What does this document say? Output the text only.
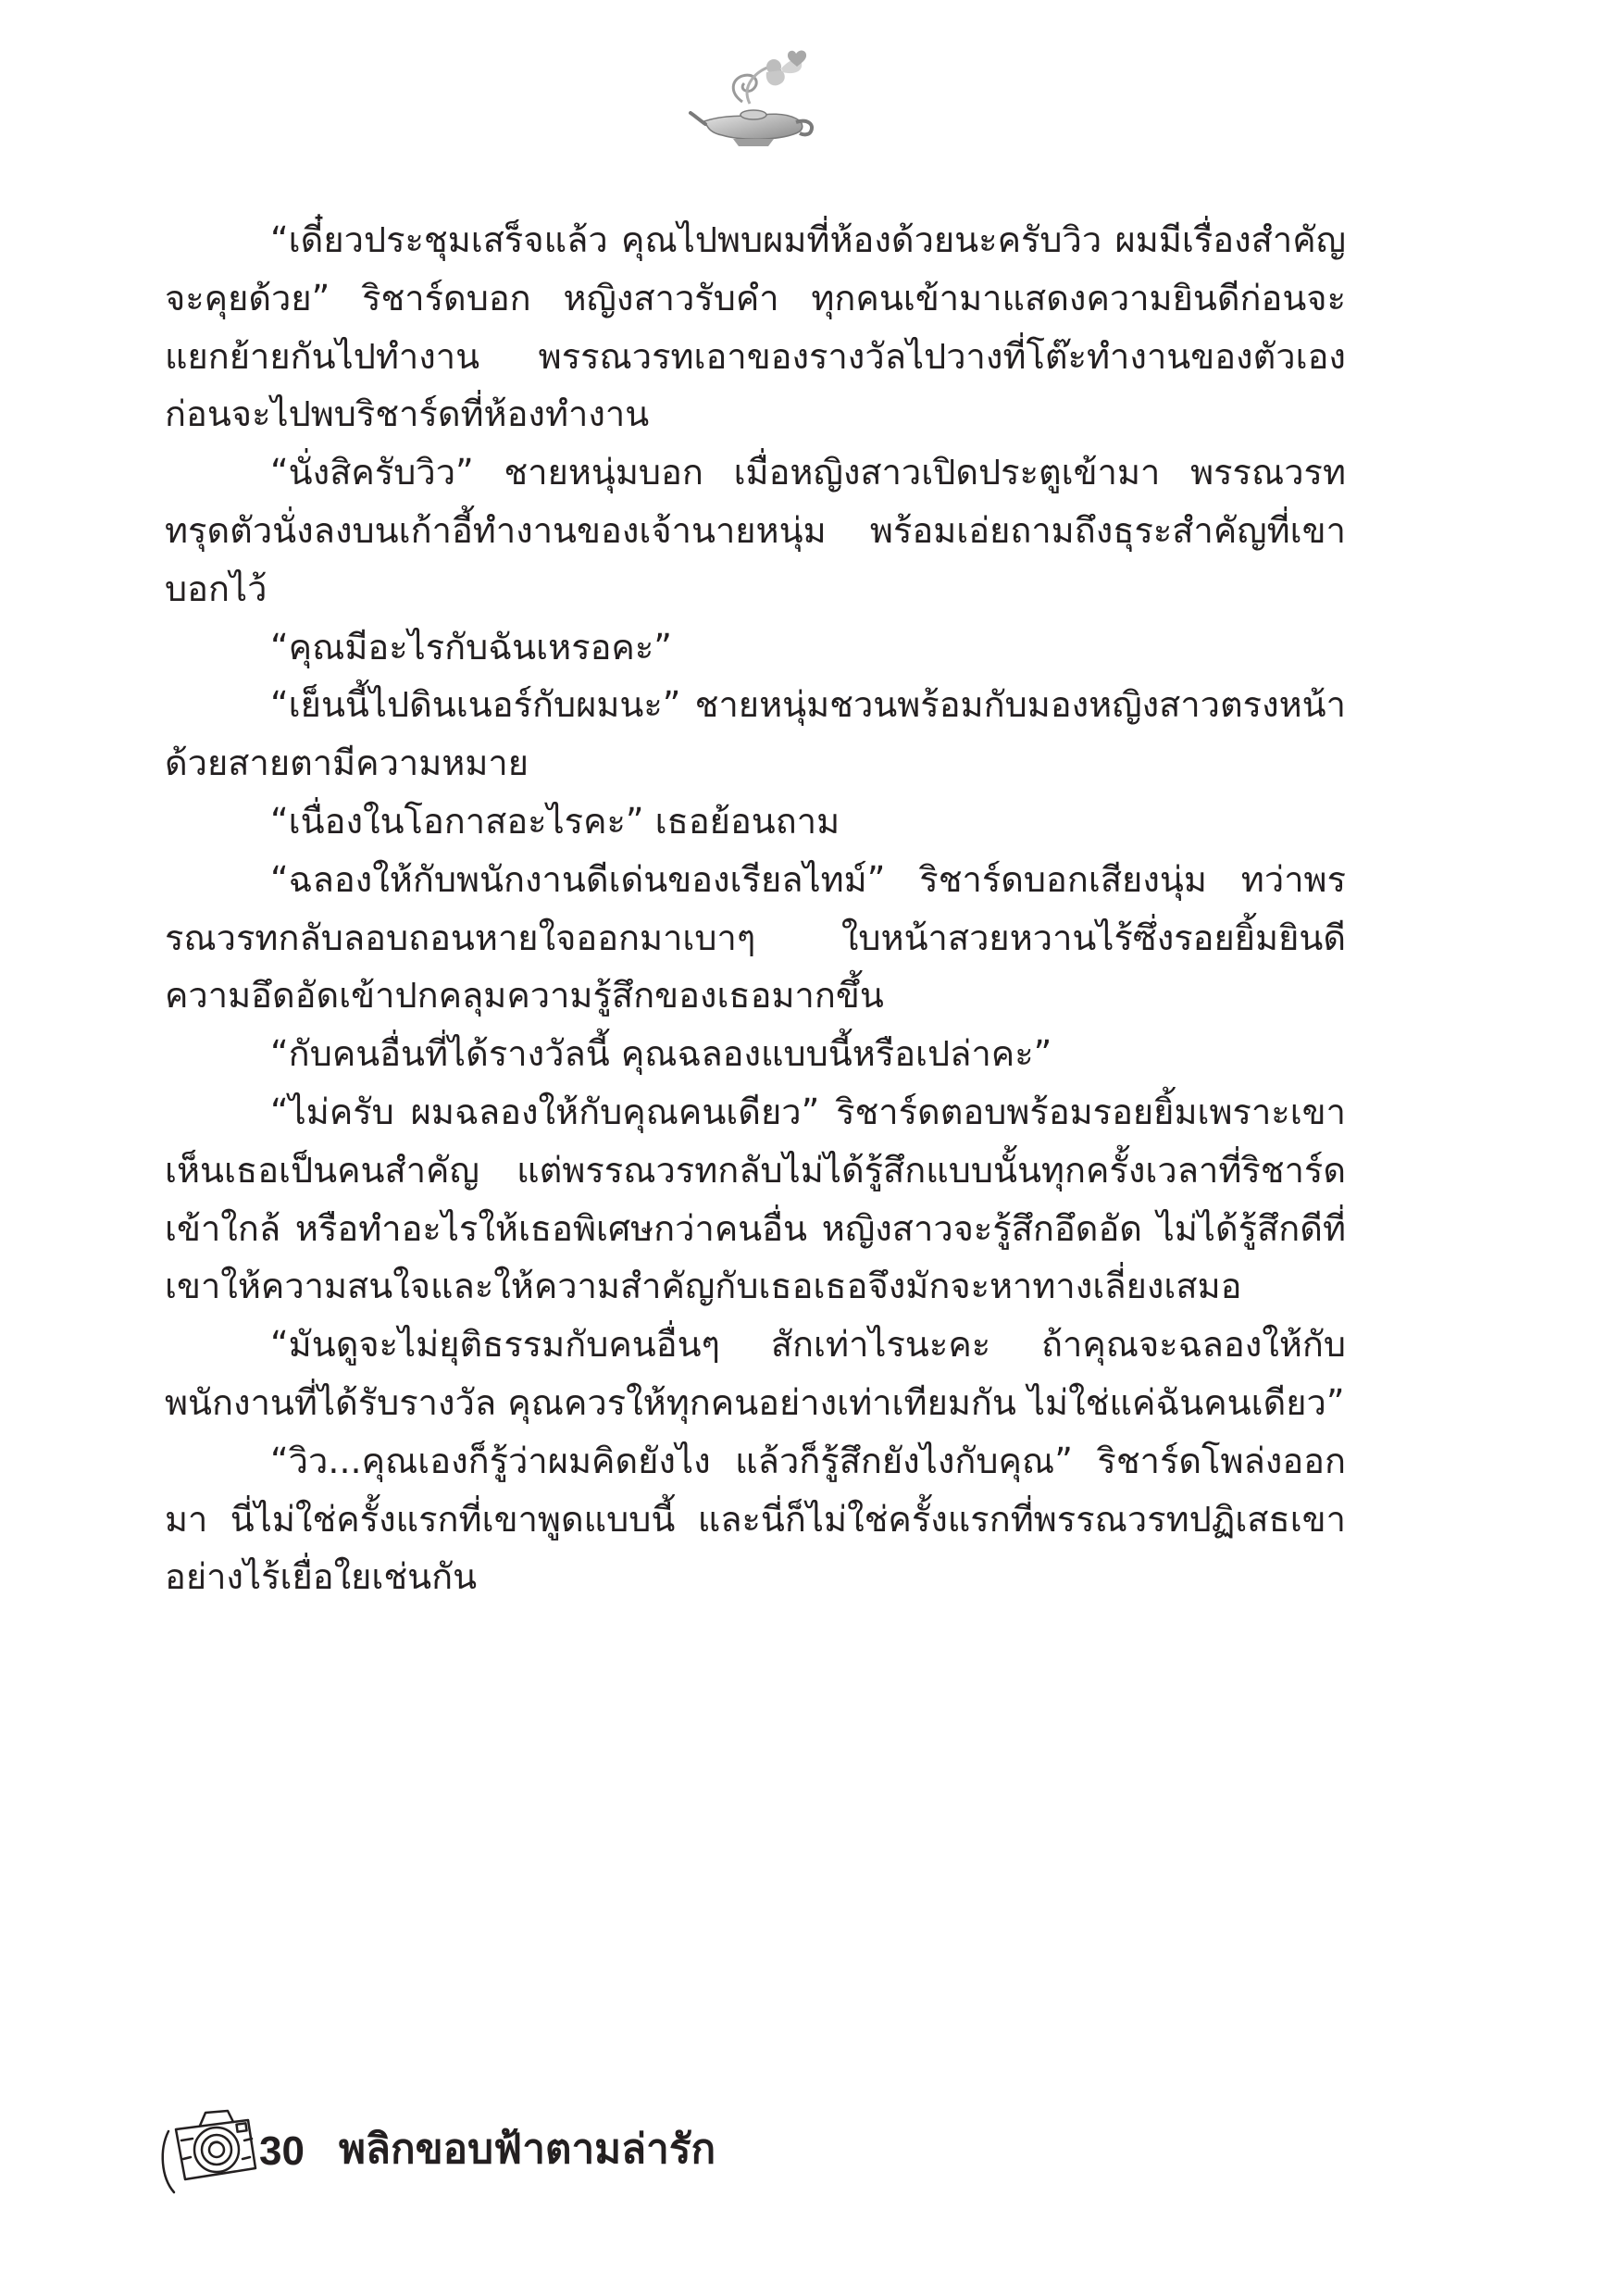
“เดี๋ยวประชุมเสร็จแล้ว คุณไปพบผมที่ห้องด้วยนะครับวิว ผมมีเรื่องสำคัญจะคุยด้วย” ริชาร์ดบอก หญิงสาวรับคำ ทุกคนเข้ามาแสดงความยินดีก่อนจะแยกย้ายกันไปทำงาน พรรณวรทเอาของรางวัลไปวางที่โต๊ะทำงานของตัวเอง ก่อนจะไปพบริชาร์ดที่ห้องทำงาน

“นั่งสิครับวิว” ชายหนุ่มบอก เมื่อหญิงสาวเปิดประตูเข้ามา พรรณวรททรุดตัวนั่งลงบนเก้าอี้ทำงานของเจ้านายหนุ่ม พร้อมเอ่ยถามถึงธุระสำคัญที่เขาบอกไว้

“คุณมีอะไรกับฉันเหรอคะ”

“เย็นนี้ไปดินเนอร์กับผมนะ” ชายหนุ่มชวนพร้อมกับมองหญิงสาวตรงหน้าด้วยสายตามีความหมาย

“เนื่องในโอกาสอะไรคะ” เธอย้อนถาม

“ฉลองให้กับพนักงานดีเด่นของเรียลไทม์” ริชาร์ดบอกเสียงนุ่ม ทว่าพรรณวรทกลับลอบถอนหายใจออกมาเบาๆ ใบหน้าสวยหวานไร้ซึ่งรอยยิ้มยินดี ความอึดอัดเข้าปกคลุมความรู้สึกของเธอมากขึ้น

“กับคนอื่นที่ได้รางวัลนี้ คุณฉลองแบบนี้หรือเปล่าคะ”

“ไม่ครับ ผมฉลองให้กับคุณคนเดียว” ริชาร์ดตอบพร้อมรอยยิ้มเพราะเขาเห็นเธอเป็นคนสำคัญ แต่พรรณวรทกลับไม่ได้รู้สึกแบบนั้นทุกครั้งเวลาที่ริชาร์ดเข้าใกล้ หรือทำอะไรให้เธอพิเศษกว่าคนอื่น หญิงสาวจะรู้สึกอึดอัด ไม่ได้รู้สึกดีที่เขาให้ความสนใจและให้ความสำคัญกับเธอเธอจึงมักจะหาทางเลี่ยงเสมอ

“มันดูจะไม่ยุติธรรมกับคนอื่นๆ สักเท่าไรนะคะ ถ้าคุณจะฉลองให้กับพนักงานที่ได้รับรางวัล คุณควรให้ทุกคนอย่างเท่าเทียมกัน ไม่ใช่แค่ฉันคนเดียว”

“วิว...คุณเองก็รู้ว่าผมคิดยังไง แล้วก็รู้สึกยังไงกับคุณ” ริชาร์ดโพล่งออกมา นี่ไม่ใช่ครั้งแรกที่เขาพูดแบบนี้ และนี่ก็ไม่ใช่ครั้งแรกที่พรรณวรทปฏิเสธเขาอย่างไร้เยื่อใยเช่นกัน

30 พลิกขอบฟ้าตามล่ารัก
